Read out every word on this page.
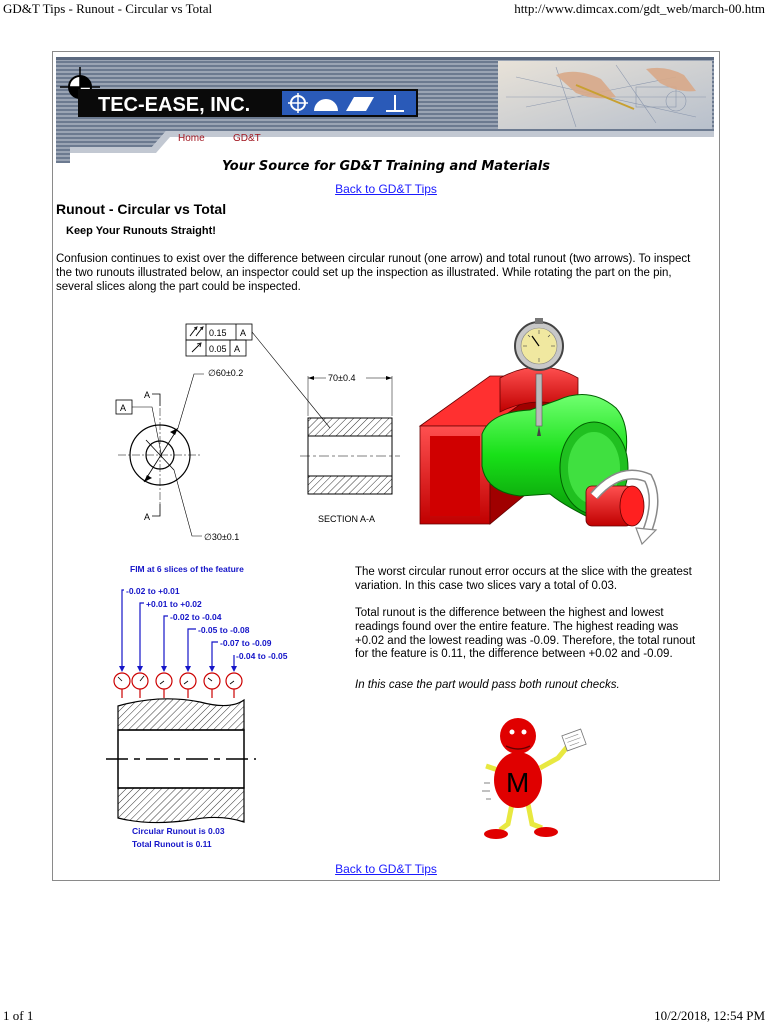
GD&T Tips - Runout - Circular vs Total	http://www.dimcax.com/gdt_web/march-00.htm
1 of 1	10/2/2018, 12:54 PM
TEC-EASE, INC.
Home	GD&T
Your Source for GD&T Training and Materials
Back to GD&T Tips
Runout - Circular vs Total
Keep Your Runouts Straight!
Confusion continues to exist over the difference between circular runout (one arrow) and total runout (two arrows). To inspect the two runouts illustrated below, an inspector could set up the inspection as illustrated. While rotating the part on the pin, several slices along the part could be inspected.
0.15 A
0.05 A
A
A
A
∅60±0.2
∅30±0.1
70±0.4
SECTION A-A
FIM at 6 slices of the feature
-0.02 to +0.01
+0.01 to +0.02
-0.02 to -0.04
-0.05 to -0.08
-0.07 to -0.09
-0.04 to -0.05
Circular Runout is 0.03
Total Runout is 0.11
The worst circular runout error occurs at the slice with the greatest variation. In this case two slices vary a total of 0.03.
Total runout is the difference between the highest and lowest readings found over the entire feature. The highest reading was +0.02 and the lowest reading was -0.09. Therefore, the total runout for the feature is 0.11, the difference between +0.02 and -0.09.
In this case the part would pass both runout checks.
M
Back to GD&T Tips
